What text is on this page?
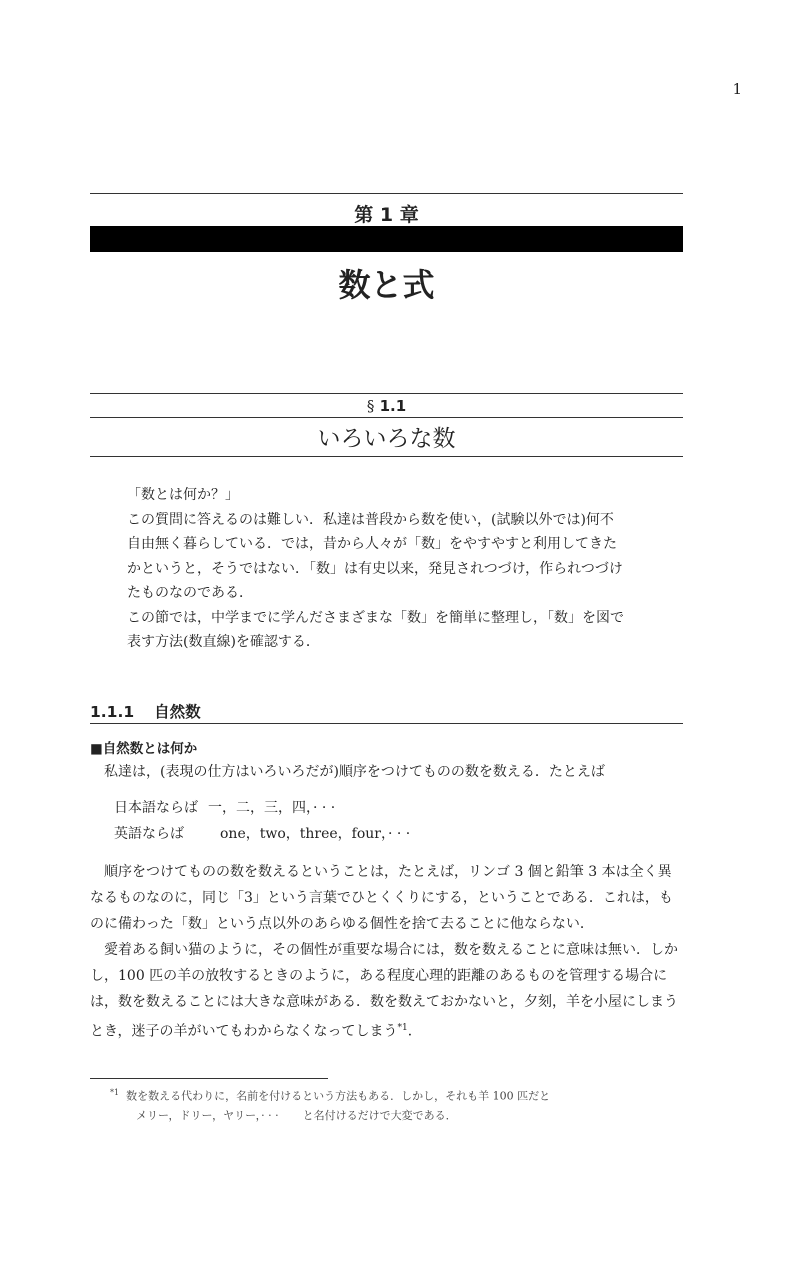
1
第 1 章
数と式
§ 1.1
いろいろな数

「数とは何か？」

この質問に答えるのは難しい．私達は普段から数を使い，(試験以外では)何不

自由無く暮らしている．では，昔から人々が「数」をやすやすと利用してきた

かというと，そうではない．「数」は有史以来，発見されつづけ，作られつづけ

たものなのである．

この節では，中学までに学んださまざまな「数」を簡単に整理し，「数」を図で

表す方法(数直線)を確認する．

1.1.1 自然数
■自然数とは何か
私達は，(表現の仕方はいろいろだが)順序をつけてものの数を数える．たとえば
日本語ならば 一，二，三，四，· · ·
英語ならば	one，two，three，four，· · ·

順序をつけてものの数を数えるということは，たとえば，リンゴ 3 個と鉛筆 3 本は全く異なるものなのに，同じ「3」という言葉でひとくくりにする，ということである．これは，ものに備わった「数」という点以外のあらゆる個性を捨て去ることに他ならない．

愛着ある飼い猫のように，その個性が重要な場合には，数を数えることに意味は無い．しかし，100 匹の羊の放牧するときのように，ある程度心理的距離のあるものを管理する場合には，数を数えることには大きな意味がある．数を数えておかないと，夕刻，羊を小屋にしまうとき，迷子の羊がいてもわからなくなってしまう$^{*1}$．

$^{*1}$ 数を数える代わりに，名前を付けるという方法もある．しかし，それも羊 100 匹だと
メリー，ドリー，ヤリー，· · · と名付けるだけで大変である．
